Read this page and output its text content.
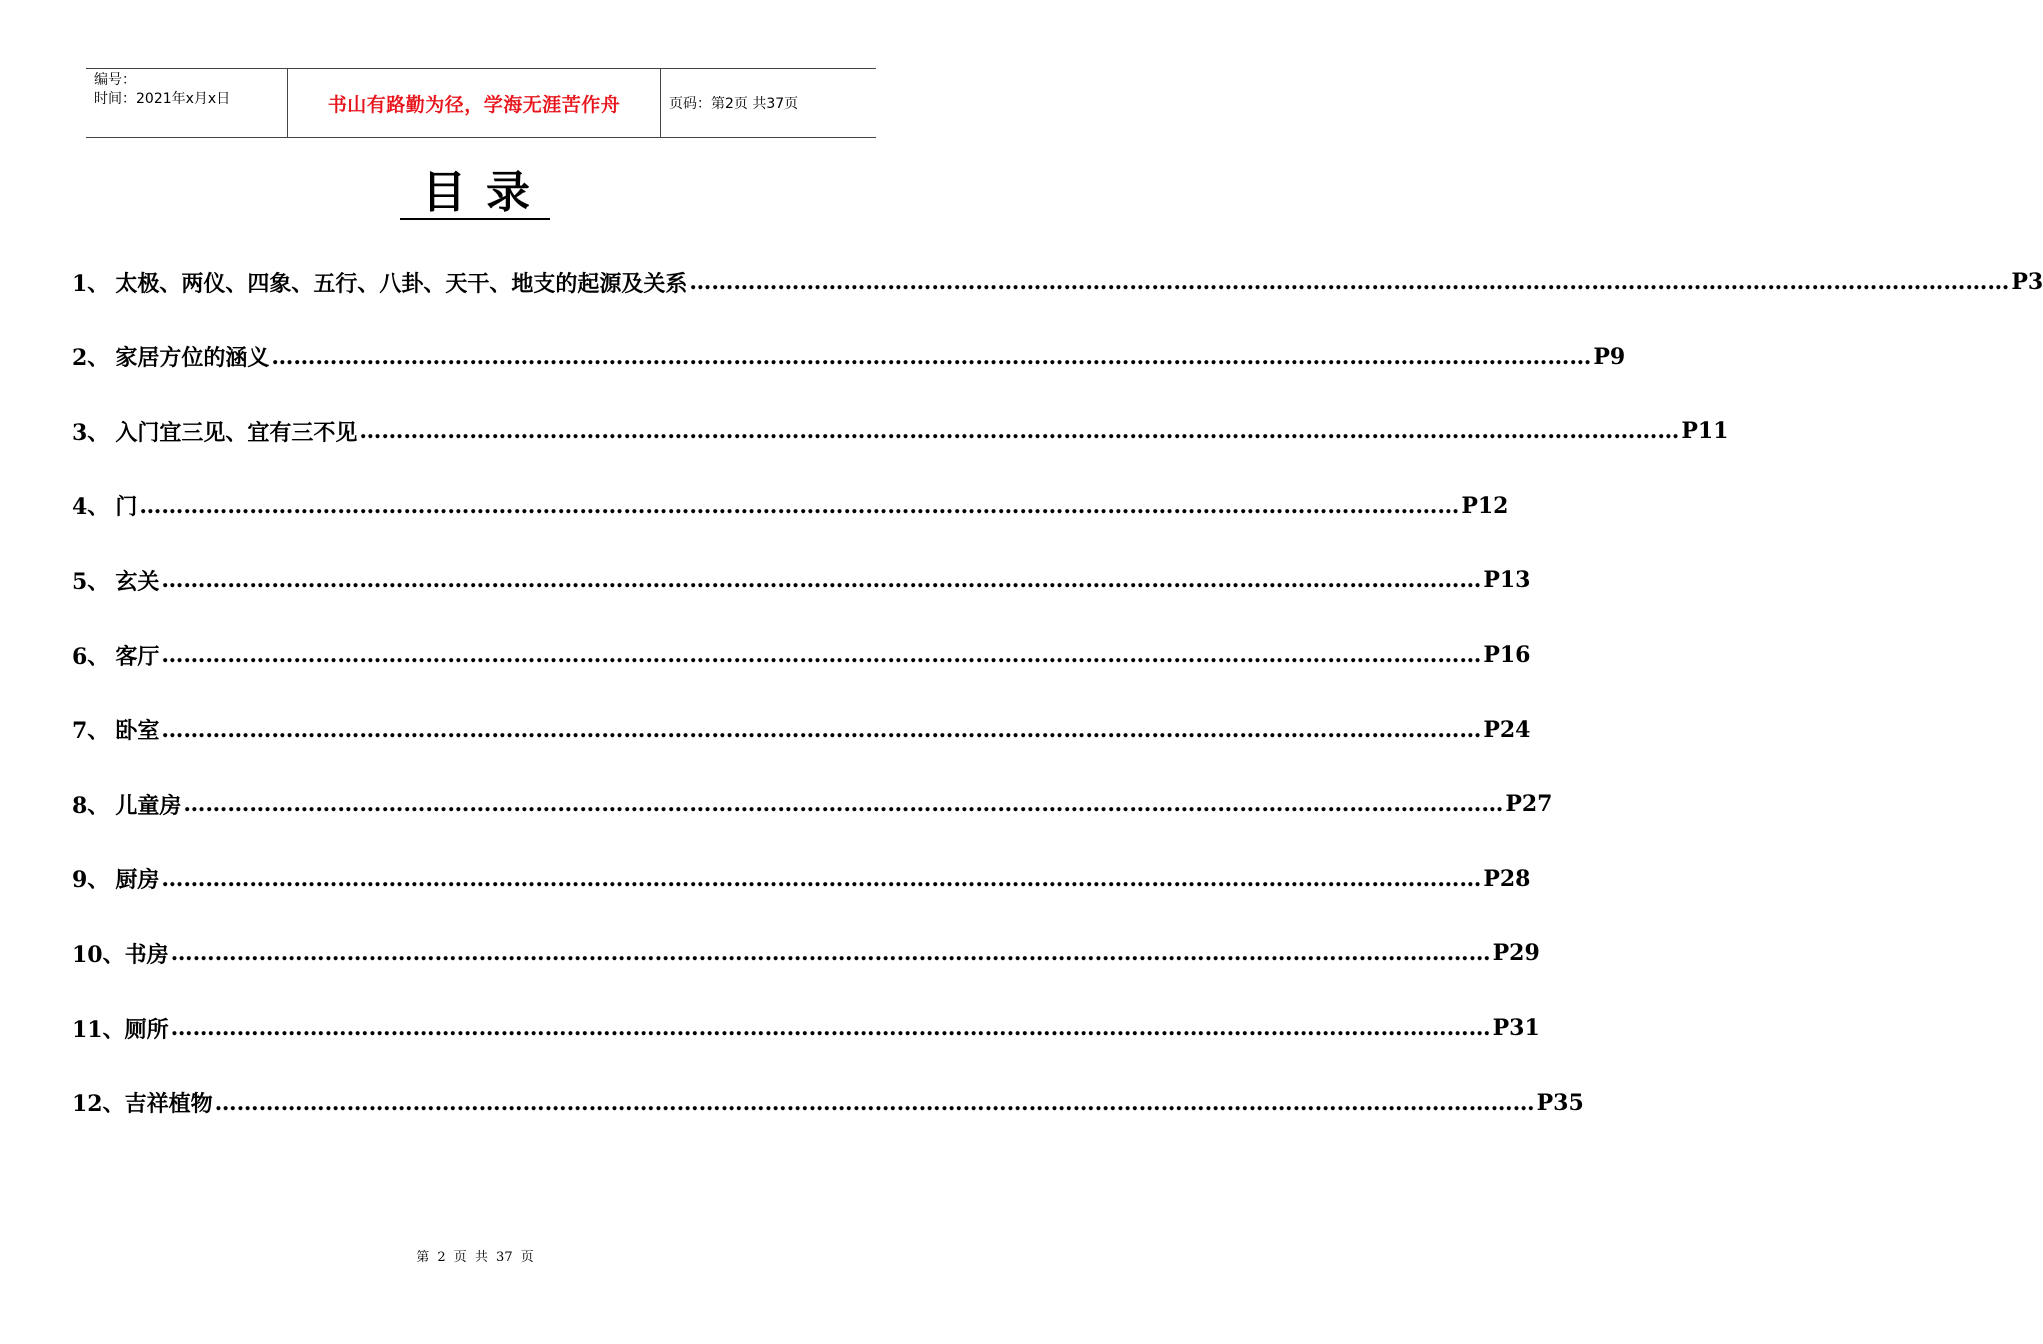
编号：
时间：2021年x月x日	书山有路勤为径，学海无涯苦作舟	页码：第2页 共37页
目录
1、 太极、两仪、四象、五行、八卦、天干、地支的起源及关系 ……………………………………………………………………………………………………………………………………………………………… P3
2、 家居方位的涵义 ……………………………………………………………………………………………………………………………………………………………… P9
3、 入门宜三见、宜有三不见 ……………………………………………………………………………………………………………………………………………………………… P11
4、 门 ……………………………………………………………………………………………………………………………………………………………… P12
5、 玄关 ……………………………………………………………………………………………………………………………………………………………… P13
6、 客厅 ……………………………………………………………………………………………………………………………………………………………… P16
7、 卧室 ……………………………………………………………………………………………………………………………………………………………… P24
8、 儿童房 ……………………………………………………………………………………………………………………………………………………………… P27
9、 厨房 ……………………………………………………………………………………………………………………………………………………………… P28
10、 书房 ……………………………………………………………………………………………………………………………………………………………… P29
11、 厕所 ……………………………………………………………………………………………………………………………………………………………… P31
12、 吉祥植物 ……………………………………………………………………………………………………………………………………………………………… P35
第 2 页 共 37 页
